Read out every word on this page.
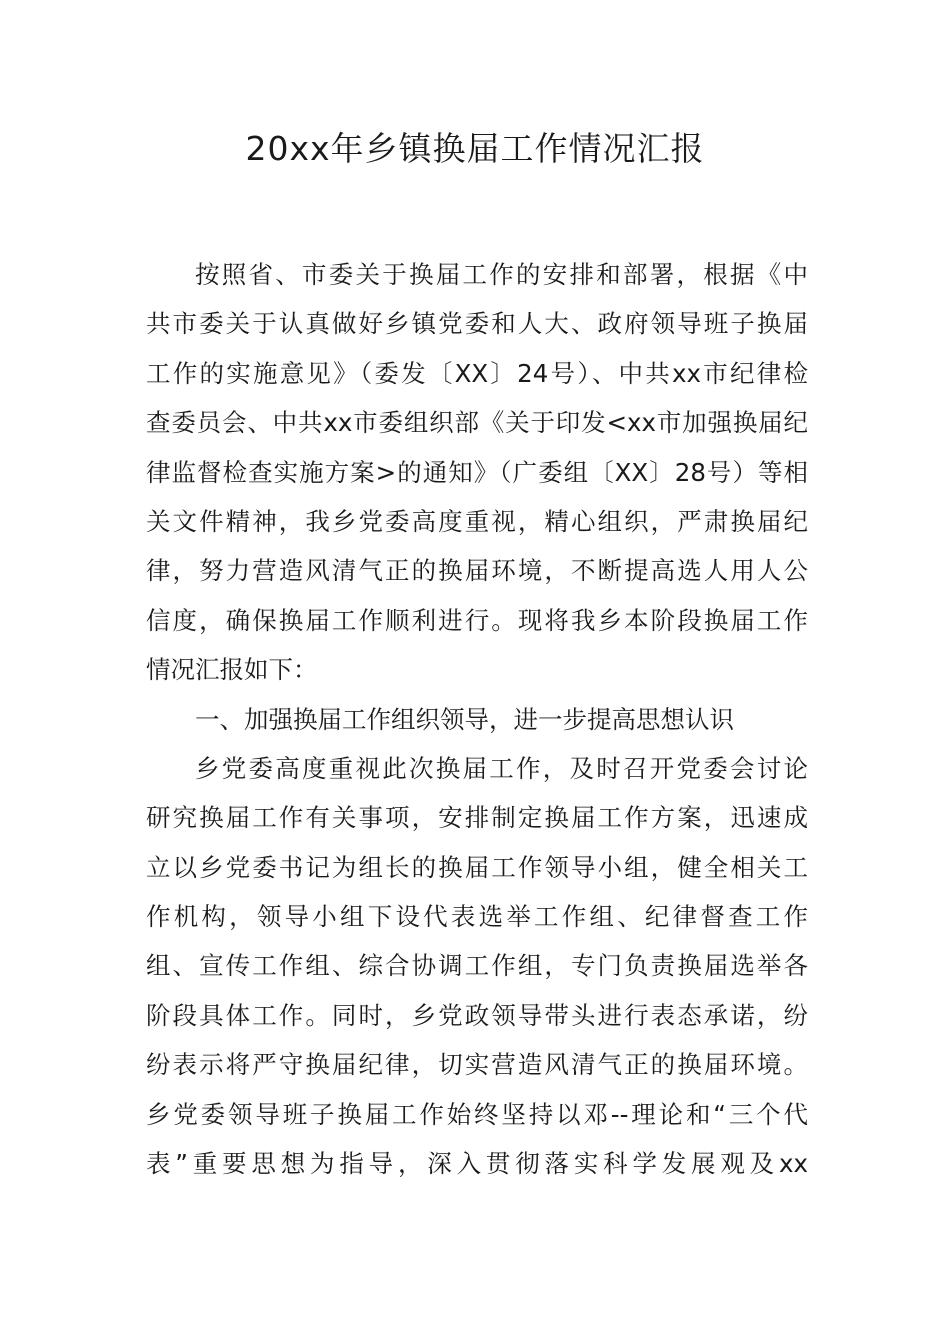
20xx年乡镇换届工作情况汇报
按照省、市委关于换届工作的安排和部署，根据《中
共市委关于认真做好乡镇党委和人大、政府领导班子换届
工作的实施意见》（委发〔XX〕24号）、中共xx市纪律检
查委员会、中共xx市委组织部《关于印发<xx市加强换届纪
律监督检查实施方案>的通知》（广委组〔XX〕28号）等相
关文件精神，我乡党委高度重视，精心组织，严肃换届纪
律，努力营造风清气正的换届环境，不断提高选人用人公
信度，确保换届工作顺利进行。现将我乡本阶段换届工作
情况汇报如下：
一、加强换届工作组织领导，进一步提高思想认识
乡党委高度重视此次换届工作，及时召开党委会讨论
研究换届工作有关事项，安排制定换届工作方案，迅速成
立以乡党委书记为组长的换届工作领导小组，健全相关工
作机构，领导小组下设代表选举工作组、纪律督查工作
组、宣传工作组、综合协调工作组，专门负责换届选举各
阶段具体工作。同时，乡党政领导带头进行表态承诺，纷
纷表示将严守换届纪律，切实营造风清气正的换届环境。
乡党委领导班子换届工作始终坚持以邓--理论和“三个代
表”重要思想为指导，深入贯彻落实科学发展观及xx
